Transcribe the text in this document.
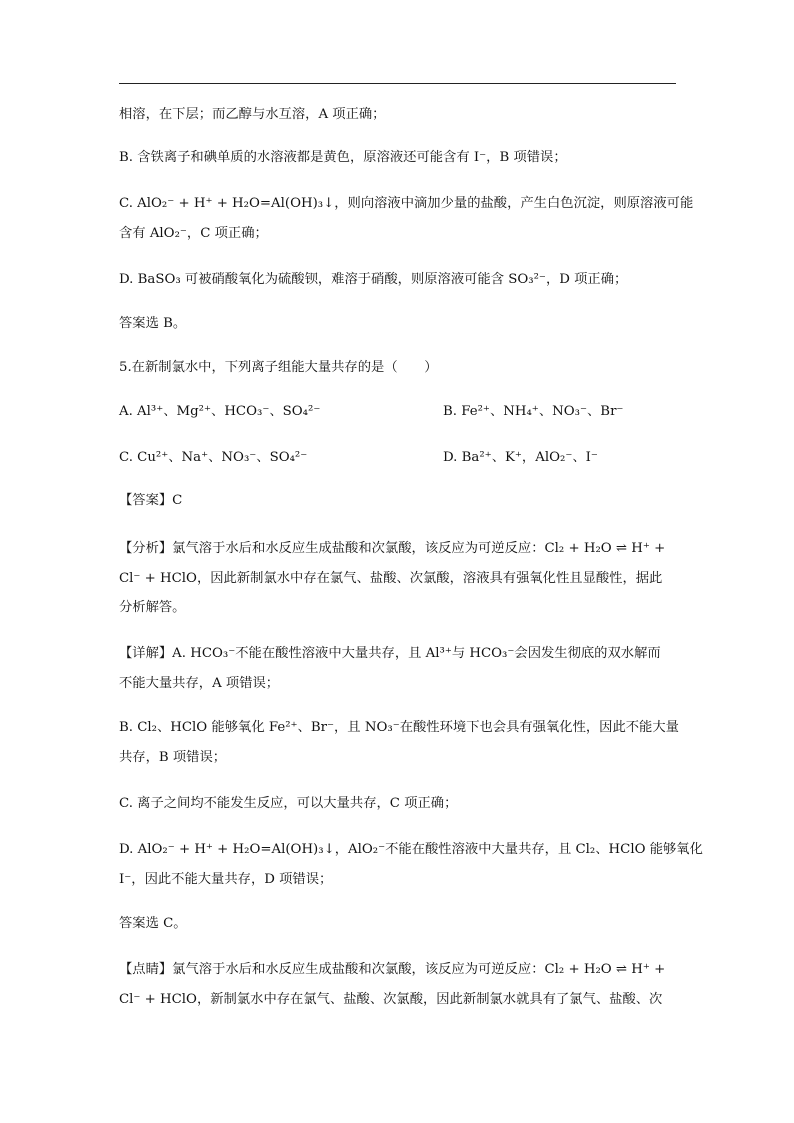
相溶，在下层；而乙醇与水互溶，A 项正确；
B. 含铁离子和碘单质的水溶液都是黄色，原溶液还可能含有 I⁻，B 项错误；
C. AlO₂⁻ + H⁺ + H₂O=Al(OH)₃↓，则向溶液中滴加少量的盐酸，产生白色沉淀，则原溶液可能
含有 AlO₂⁻，C 项正确；
D. BaSO₃ 可被硝酸氧化为硫酸钡，难溶于硝酸，则原溶液可能含 SO₃²⁻，D 项正确；
答案选 B。
5.在新制氯水中，下列离子组能大量共存的是（　　）
A. Al³⁺、Mg²⁺、HCO₃⁻、SO₄²⁻	B. Fe²⁺、NH₄⁺、NO₃⁻、Br⁻
C. Cu²⁺、Na⁺、NO₃⁻、SO₄²⁻	D. Ba²⁺、K⁺，AlO₂⁻、I⁻
【答案】C
【分析】氯气溶于水后和水反应生成盐酸和次氯酸，该反应为可逆反应：Cl₂ + H₂O ⇌ H⁺ +
Cl⁻ + HClO，因此新制氯水中存在氯气、盐酸、次氯酸，溶液具有强氧化性且显酸性，据此
分析解答。
【详解】A. HCO₃⁻不能在酸性溶液中大量共存，且 Al³⁺与 HCO₃⁻会因发生彻底的双水解而
不能大量共存，A 项错误；
B. Cl₂、HClO 能够氧化 Fe²⁺、Br⁻，且 NO₃⁻在酸性环境下也会具有强氧化性，因此不能大量
共存，B 项错误；
C. 离子之间均不能发生反应，可以大量共存，C 项正确；
D. AlO₂⁻ + H⁺ + H₂O=Al(OH)₃↓，AlO₂⁻不能在酸性溶液中大量共存，且 Cl₂、HClO 能够氧化
I⁻，因此不能大量共存，D 项错误；
答案选 C。
【点睛】氯气溶于水后和水反应生成盐酸和次氯酸，该反应为可逆反应：Cl₂ + H₂O ⇌ H⁺ +
Cl⁻ + HClO，新制氯水中存在氯气、盐酸、次氯酸，因此新制氯水就具有了氯气、盐酸、次
